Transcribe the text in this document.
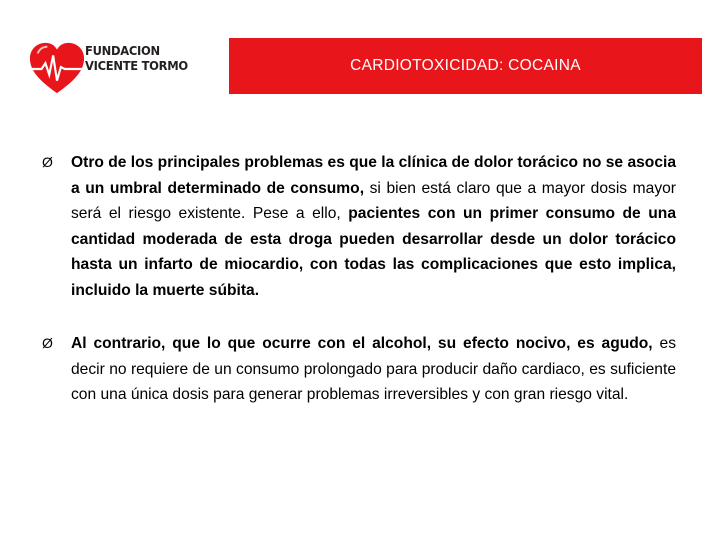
FUNDACION
VICENTE TORMO	CARDIOTOXICIDAD: COCAINA
Ø Otro de los principales problemas es que la clínica de dolor torácico no se asocia a un umbral determinado de consumo, si bien está claro que a mayor dosis mayor será el riesgo existente. Pese a ello, pacientes con un primer consumo de una cantidad moderada de esta droga pueden desarrollar desde un dolor torácico hasta un infarto de miocardio, con todas las complicaciones que esto implica, incluido la muerte súbita.
Ø Al contrario, que lo que ocurre con el alcohol, su efecto nocivo, es agudo, es decir no requiere de un consumo prolongado para producir daño cardiaco, es suficiente con una única dosis para generar problemas irreversibles y con gran riesgo vital.
